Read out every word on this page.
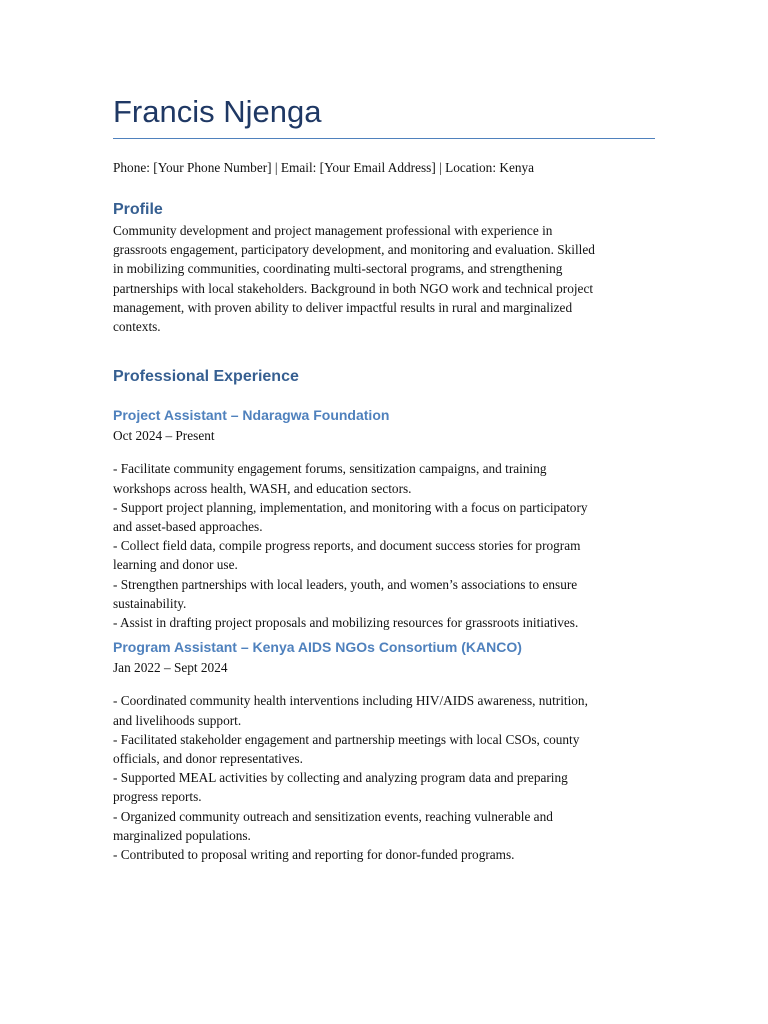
Francis Njenga
Phone: [Your Phone Number] | Email: [Your Email Address] | Location: Kenya
Profile
Community development and project management professional with experience in
grassroots engagement, participatory development, and monitoring and evaluation. Skilled
in mobilizing communities, coordinating multi-sectoral programs, and strengthening
partnerships with local stakeholders. Background in both NGO work and technical project
management, with proven ability to deliver impactful results in rural and marginalized
contexts.
Professional Experience
Project Assistant – Ndaragwa Foundation
Oct 2024 – Present
- Facilitate community engagement forums, sensitization campaigns, and training
workshops across health, WASH, and education sectors.
- Support project planning, implementation, and monitoring with a focus on participatory
and asset-based approaches.
- Collect field data, compile progress reports, and document success stories for program
learning and donor use.
- Strengthen partnerships with local leaders, youth, and women’s associations to ensure
sustainability.
- Assist in drafting project proposals and mobilizing resources for grassroots initiatives.
Program Assistant – Kenya AIDS NGOs Consortium (KANCO)
Jan 2022 – Sept 2024
- Coordinated community health interventions including HIV/AIDS awareness, nutrition,
and livelihoods support.
- Facilitated stakeholder engagement and partnership meetings with local CSOs, county
officials, and donor representatives.
- Supported MEAL activities by collecting and analyzing program data and preparing
progress reports.
- Organized community outreach and sensitization events, reaching vulnerable and
marginalized populations.
- Contributed to proposal writing and reporting for donor-funded programs.
